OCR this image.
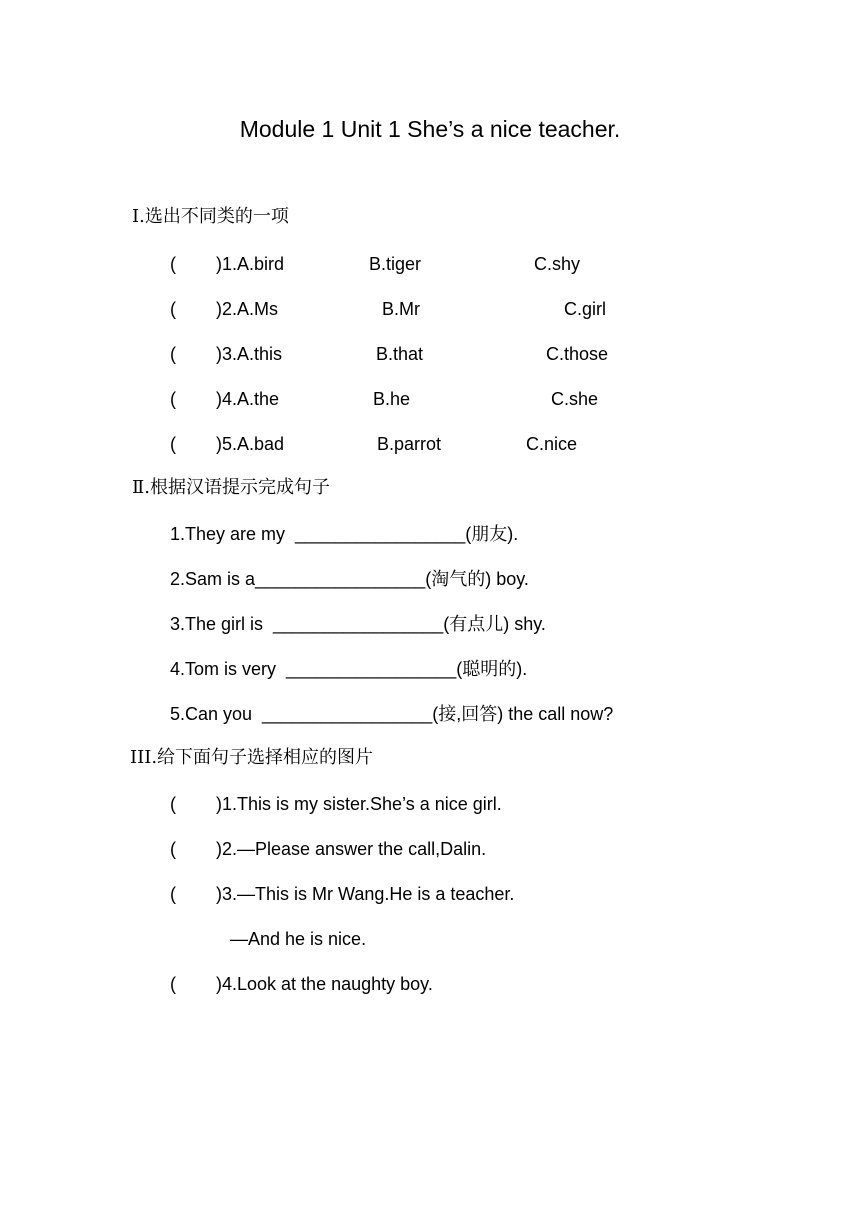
Module 1 Unit 1 She’s a nice teacher.
Ⅰ.选出不同类的一项
( )1.A.bird	B.tiger	C.shy
( )2.A.Ms	B.Mr	C.girl
( )3.A.this	B.that	C.those
( )4.A.the	B.he	C.she
( )5.A.bad	B.parrot	C.nice
Ⅱ.根据汉语提示完成句子
1.They are my  _________________(朋友).
2.Sam is a_________________(淘气的) boy.
3.The girl is  _________________(有点儿) shy.
4.Tom is very  _________________(聪明的).
5.Can you  _________________(接,回答) the call now?
III.给下面句子选择相应的图片
( )1.This is my sister.She’s a nice girl.
( )2.—Please answer the call,Dalin.
( )3.—This is Mr Wang.He is a teacher.
—And he is nice.
( )4.Look at the naughty boy.
